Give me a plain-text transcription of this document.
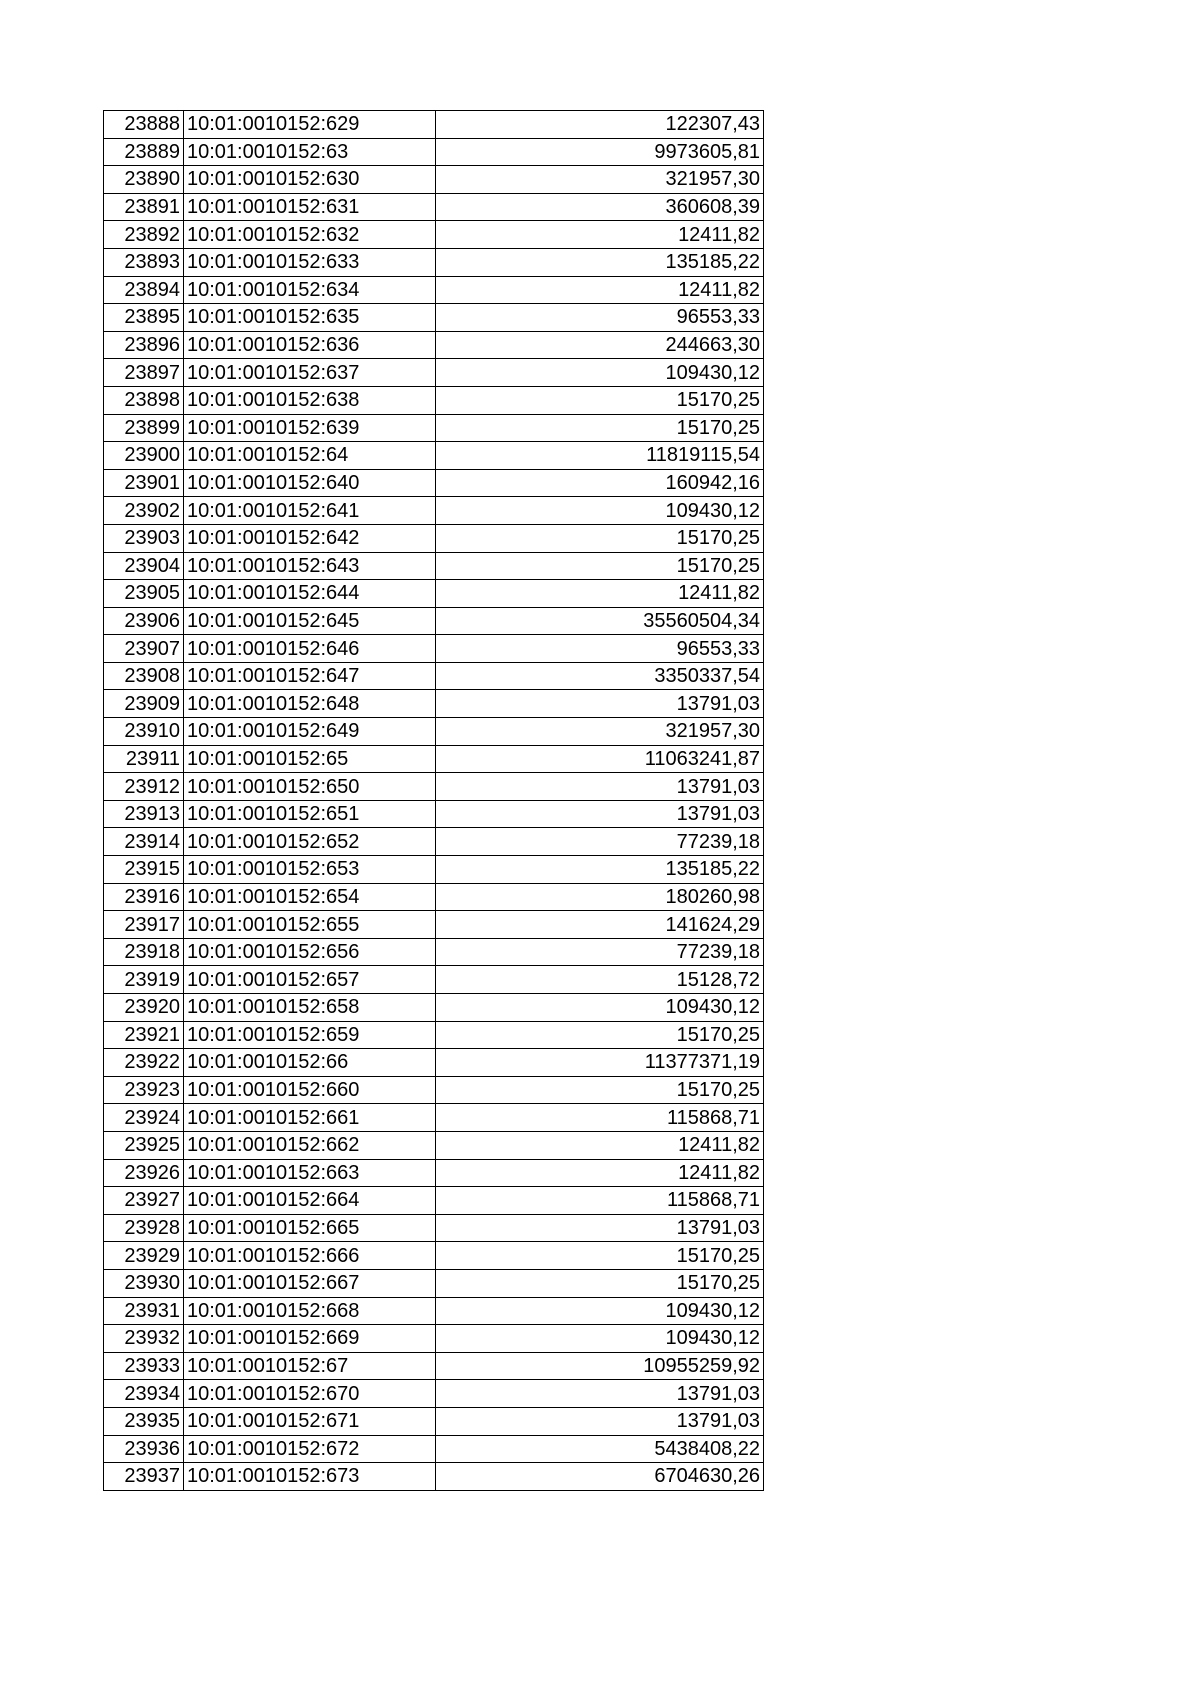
23888	10:01:0010152:629	122307,43
23889	10:01:0010152:63	9973605,81
23890	10:01:0010152:630	321957,30
23891	10:01:0010152:631	360608,39
23892	10:01:0010152:632	12411,82
23893	10:01:0010152:633	135185,22
23894	10:01:0010152:634	12411,82
23895	10:01:0010152:635	96553,33
23896	10:01:0010152:636	244663,30
23897	10:01:0010152:637	109430,12
23898	10:01:0010152:638	15170,25
23899	10:01:0010152:639	15170,25
23900	10:01:0010152:64	11819115,54
23901	10:01:0010152:640	160942,16
23902	10:01:0010152:641	109430,12
23903	10:01:0010152:642	15170,25
23904	10:01:0010152:643	15170,25
23905	10:01:0010152:644	12411,82
23906	10:01:0010152:645	35560504,34
23907	10:01:0010152:646	96553,33
23908	10:01:0010152:647	3350337,54
23909	10:01:0010152:648	13791,03
23910	10:01:0010152:649	321957,30
23911	10:01:0010152:65	11063241,87
23912	10:01:0010152:650	13791,03
23913	10:01:0010152:651	13791,03
23914	10:01:0010152:652	77239,18
23915	10:01:0010152:653	135185,22
23916	10:01:0010152:654	180260,98
23917	10:01:0010152:655	141624,29
23918	10:01:0010152:656	77239,18
23919	10:01:0010152:657	15128,72
23920	10:01:0010152:658	109430,12
23921	10:01:0010152:659	15170,25
23922	10:01:0010152:66	11377371,19
23923	10:01:0010152:660	15170,25
23924	10:01:0010152:661	115868,71
23925	10:01:0010152:662	12411,82
23926	10:01:0010152:663	12411,82
23927	10:01:0010152:664	115868,71
23928	10:01:0010152:665	13791,03
23929	10:01:0010152:666	15170,25
23930	10:01:0010152:667	15170,25
23931	10:01:0010152:668	109430,12
23932	10:01:0010152:669	109430,12
23933	10:01:0010152:67	10955259,92
23934	10:01:0010152:670	13791,03
23935	10:01:0010152:671	13791,03
23936	10:01:0010152:672	5438408,22
23937	10:01:0010152:673	6704630,26
